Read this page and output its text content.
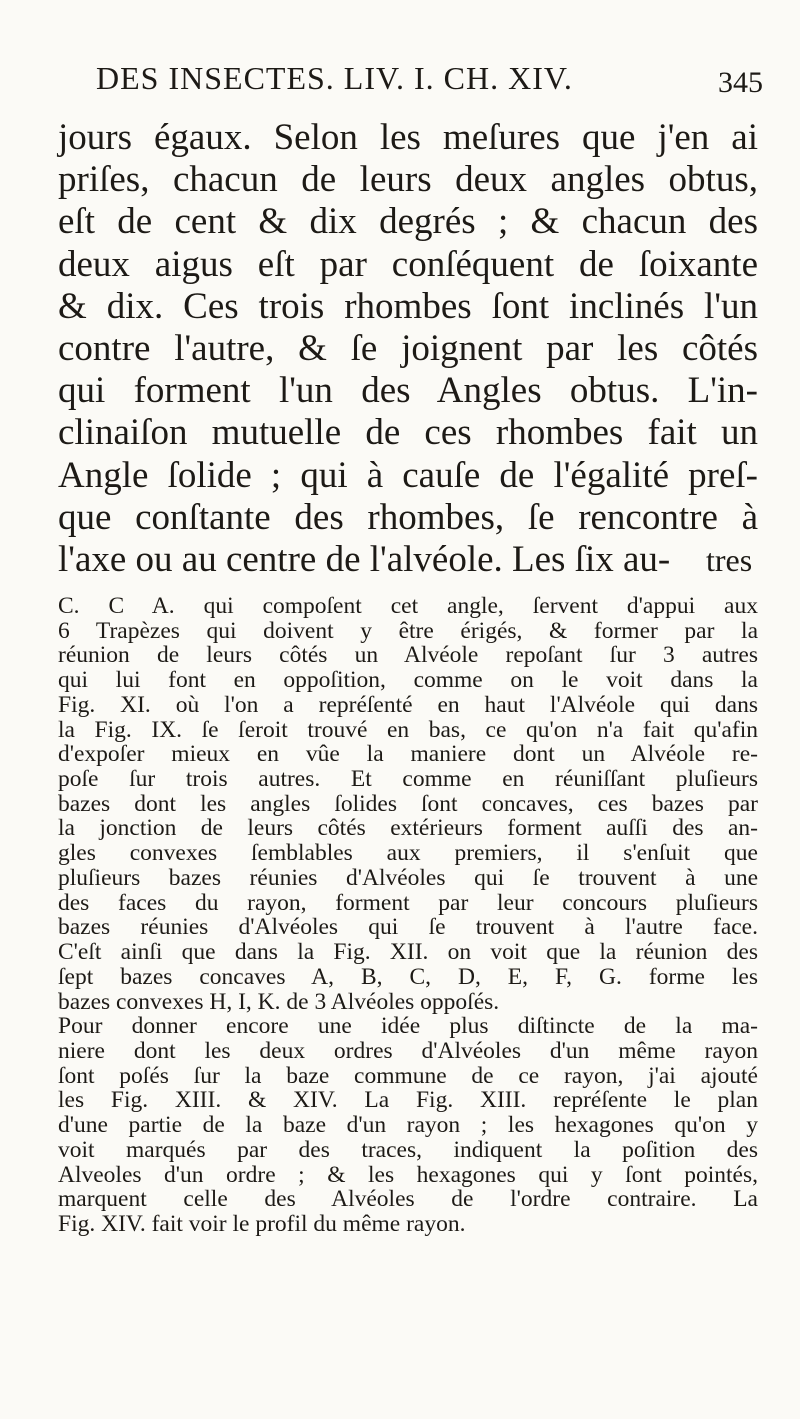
DES INSECTES. LIV. I. CH. XIV.	345
jours égaux. Selon les meſures que j'en ai
priſes, chacun de leurs deux angles obtus,
eſt de cent & dix degrés ; & chacun des
deux aigus eſt par conſéquent de ſoixante
& dix. Ces trois rhombes ſont inclinés l'un
contre l'autre, & ſe joignent par les côtés
qui forment l'un des Angles obtus. L'in-
clinaiſon mutuelle de ces rhombes fait un
Angle ſolide ; qui à cauſe de l'égalité preſ-
que conſtante des rhombes, ſe rencontre à
l'axe ou au centre de l'alvéole. Les ſix au-	tres
C. C A. qui compoſent cet angle, ſervent d'appui aux
6 Trapèzes qui doivent y être érigés, & former par la
réunion de leurs côtés un Alvéole repoſant ſur 3 autres
qui lui font en oppoſition, comme on le voit dans la
Fig. XI. où l'on a repréſenté en haut l'Alvéole qui dans
la Fig. IX. ſe ſeroit trouvé en bas, ce qu'on n'a fait qu'afin
d'expoſer mieux en vûe la maniere dont un Alvéole re-
poſe ſur trois autres. Et comme en réuniſſant pluſieurs
bazes dont les angles ſolides ſont concaves, ces bazes par
la jonction de leurs côtés extérieurs forment auſſi des an-
gles convexes ſemblables aux premiers, il s'enſuit que
pluſieurs bazes réunies d'Alvéoles qui ſe trouvent à une
des faces du rayon, forment par leur concours pluſieurs
bazes réunies d'Alvéoles qui ſe trouvent à l'autre face.
C'eſt ainſi que dans la Fig. XII. on voit que la réunion des
ſept bazes concaves A, B, C, D, E, F, G. forme les
bazes convexes H, I, K. de 3 Alvéoles oppoſés.
Pour donner encore une idée plus diſtincte de la ma-
niere dont les deux ordres d'Alvéoles d'un même rayon
ſont poſés ſur la baze commune de ce rayon, j'ai ajouté
les Fig. XIII. & XIV. La Fig. XIII. repréſente le plan
d'une partie de la baze d'un rayon ; les hexagones qu'on y
voit marqués par des traces, indiquent la poſition des
Alveoles d'un ordre ; & les hexagones qui y ſont pointés,
marquent celle des Alvéoles de l'ordre contraire. La
Fig. XIV. fait voir le profil du même rayon.
